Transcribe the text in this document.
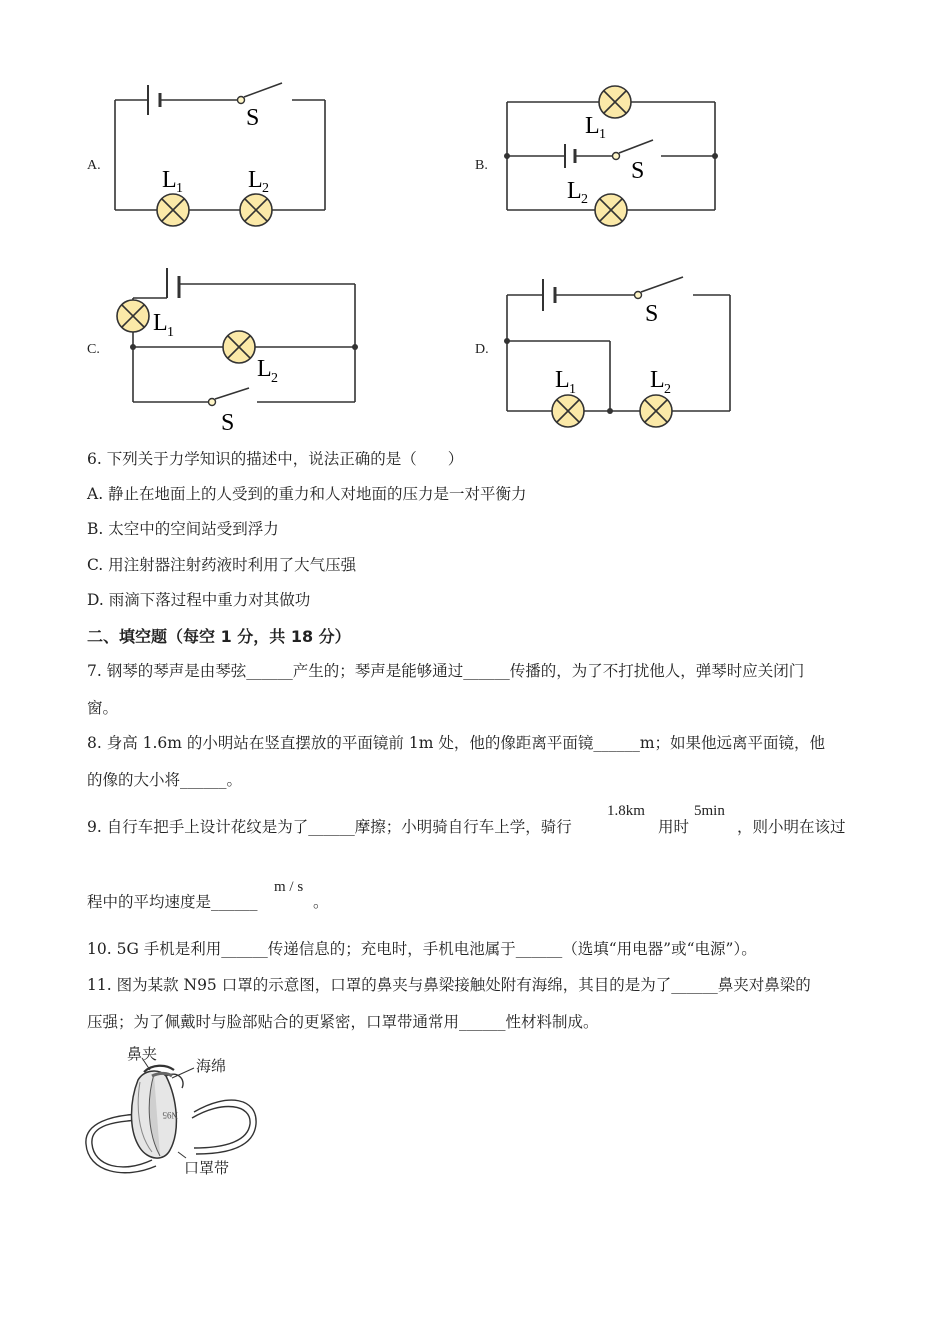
A.
S
L 1	L 2
B.
L 1
S
L 2
C.
L 1
L 2
S
D.
S
L 1	L 2
6. 下列关于力学知识的描述中，说法正确的是（　　）
A. 静止在地面上的人受到的重力和人对地面的压力是一对平衡力
B. 太空中的空间站受到浮力
C. 用注射器注射药液时利用了大气压强
D. 雨滴下落过程中重力对其做功
二、填空题（每空 1 分，共 18 分）
7. 钢琴的琴声是由琴弦______产生的；琴声是能够通过______传播的，为了不打扰他人，弹琴时应关闭门
窗。
8. 身高 1.6m 的小明站在竖直摆放的平面镜前 1m 处，他的像距离平面镜______m；如果他远离平面镜，他
的像的大小将______。
9. 自行车把手上设计花纹是为了______摩擦；小明骑自行车上学，骑行
1.8km
用时
5min
，则小明在该过
程中的平均速度是______
m / s
。
10. 5G 手机是利用______传递信息的；充电时，手机电池属于______（选填“用电器”或“电源”）。
11. 图为某款 N95 口罩的示意图，口罩的鼻夹与鼻梁接触处附有海绵，其目的是为了______鼻夹对鼻梁的
压强；为了佩戴时与脸部贴合的更紧密，口罩带通常用______性材料制成。
N95
鼻夹
海绵
口罩带
